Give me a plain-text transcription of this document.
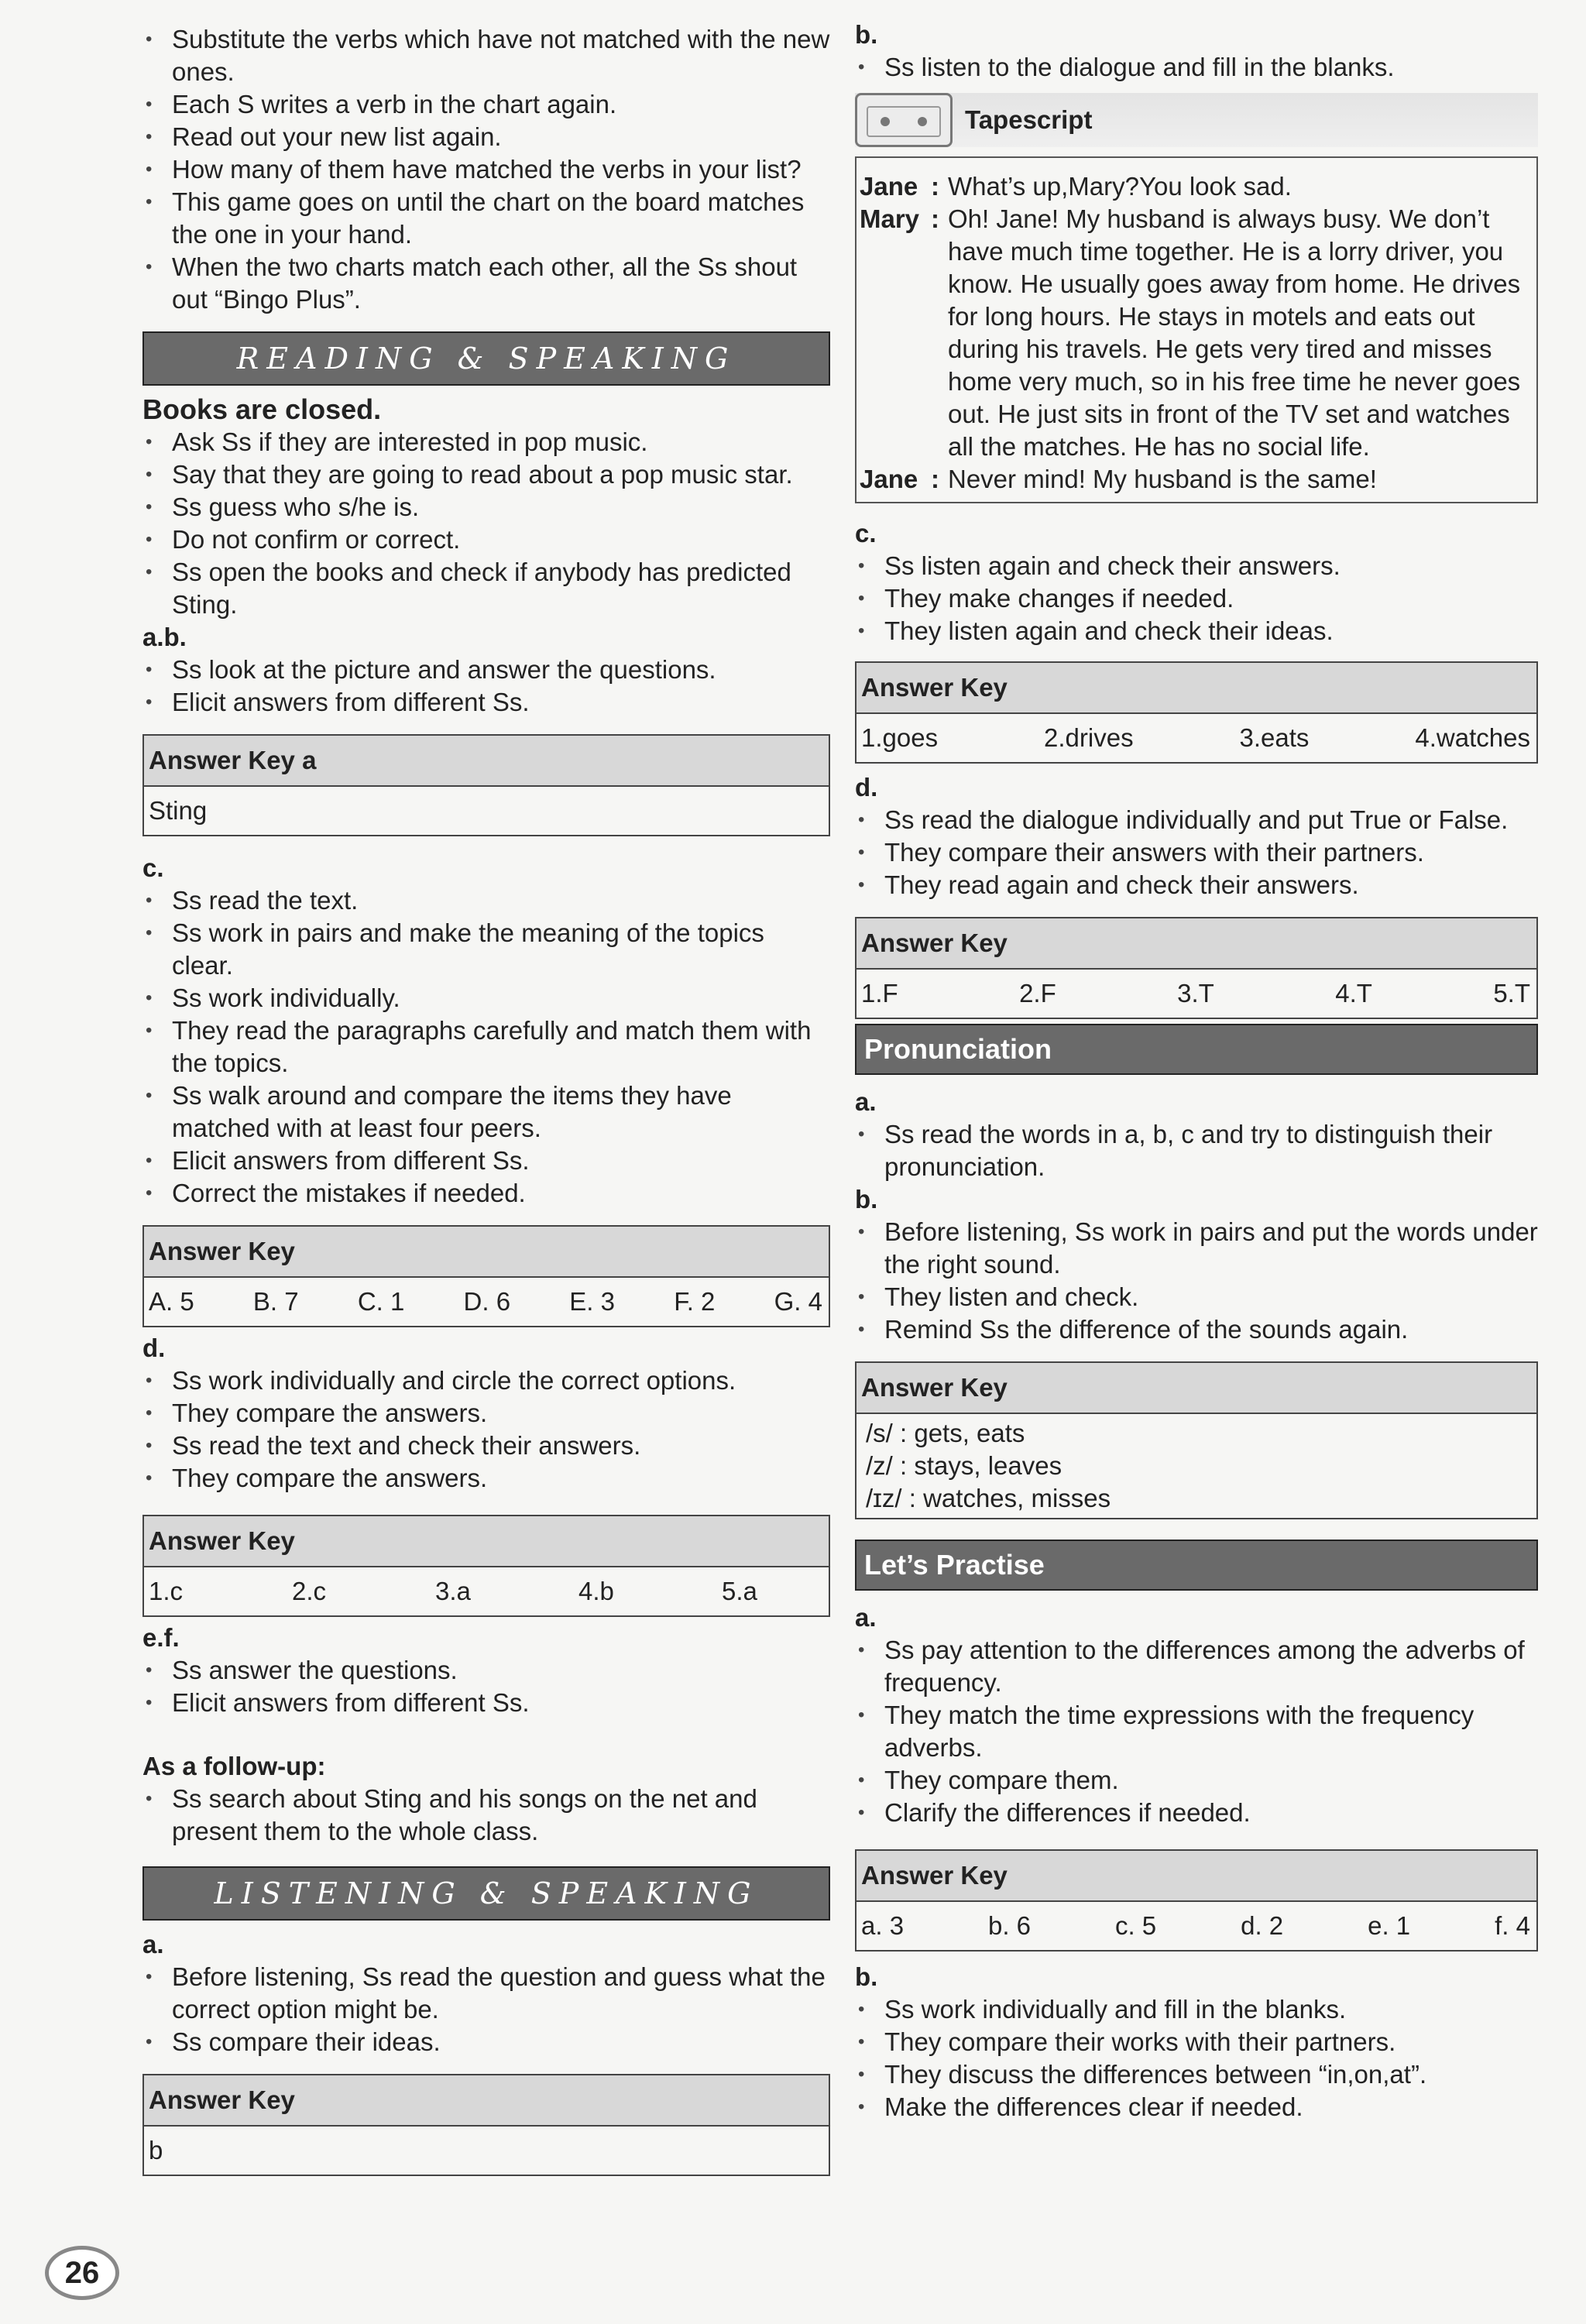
• Substitute the verbs which have not matched with the new ones.
• Each S writes a verb in the chart again.
• Read out your new list again.
• How many of them have matched the verbs in your list?
• This game goes on until the chart on the board matches the one in your hand.
• When the two charts match each other, all the Ss shout out “Bingo Plus”.
READING & SPEAKING

Books are closed.

• Ask Ss if they are interested in pop music.
• Say that they are going to read about a pop music star.
• Ss guess who s/he is.
• Do not confirm or correct.
• Ss open the books and check if anybody has predicted Sting.

a.b.

• Ss look at the picture and answer the questions.
• Elicit answers from different Ss.
Answer Key a
Sting

c.

• Ss read the text.
• Ss work in pairs and make the meaning of the topics clear.
• Ss work individually.
• They read the paragraphs carefully and match them with the topics.
• Ss walk around and compare the items they have matched with at least four peers.
• Elicit answers from different Ss.
• Correct the mistakes if needed.
Answer Key
A. 5 B. 7 C. 1 D. 6 E. 3 F. 2 G. 4

d.

• Ss work individually and circle the correct options.
• They compare the answers.
• Ss read the text and check their answers.
• They compare the answers.
Answer Key
1.c	2.c	3.a	4.b	5.a

e.f.

• Ss answer the questions.
• Elicit answers from different Ss.

As a follow-up:

• Ss search about Sting and his songs on the net and present them to the whole class.
LISTENING & SPEAKING

a.

• Before listening, Ss read the question and guess what the correct option might be.
• Ss compare their ideas.
Answer Key
b

b.

• Ss listen to the dialogue and fill in the blanks.
Tapescript
Jane : What’s up,Mary?You look sad.
Mary : Oh! Jane! My husband is always busy. We don’t have much time together. He is a lorry driver, you know. He usually goes away from home. He drives for long hours. He stays in motels and eats out during his travels. He gets very tired and misses home very much, so in his free time he never goes out. He just sits in front of the TV set and watches all the matches. He has no social life.
Jane : Never mind! My husband is the same!

c.

• Ss listen again and check their answers.
• They make changes if needed.
• They listen again and check their ideas.
Answer Key
1.goes	2.drives	3.eats	4.watches

d.

• Ss read the dialogue individually and put True or False.
• They compare their answers with their partners.
• They read again and check their answers.
Answer Key
1.F	2.F	3.T	4.T	5.T
Pronunciation

a.

• Ss read the words in a, b, c and try to distinguish their pronunciation.

b.

• Before listening, Ss work in pairs and put the words under the right sound.
• They listen and check.
• Remind Ss the difference of the sounds again.
Answer Key
/s/ : gets, eats
/z/ : stays, leaves
/ɪz/ : watches, misses
Let’s Practise

a.

• Ss pay attention to the differences among the adverbs of frequency.
• They match the time expressions with the frequency adverbs.
• They compare them.
• Clarify the differences if needed.
Answer Key
a. 3	b. 6	c. 5	d. 2	e. 1	f. 4

b.

• Ss work individually and fill in the blanks.
• They compare their works with their partners.
• They discuss the differences between “in,on,at”.
• Make the differences clear if needed.
26
